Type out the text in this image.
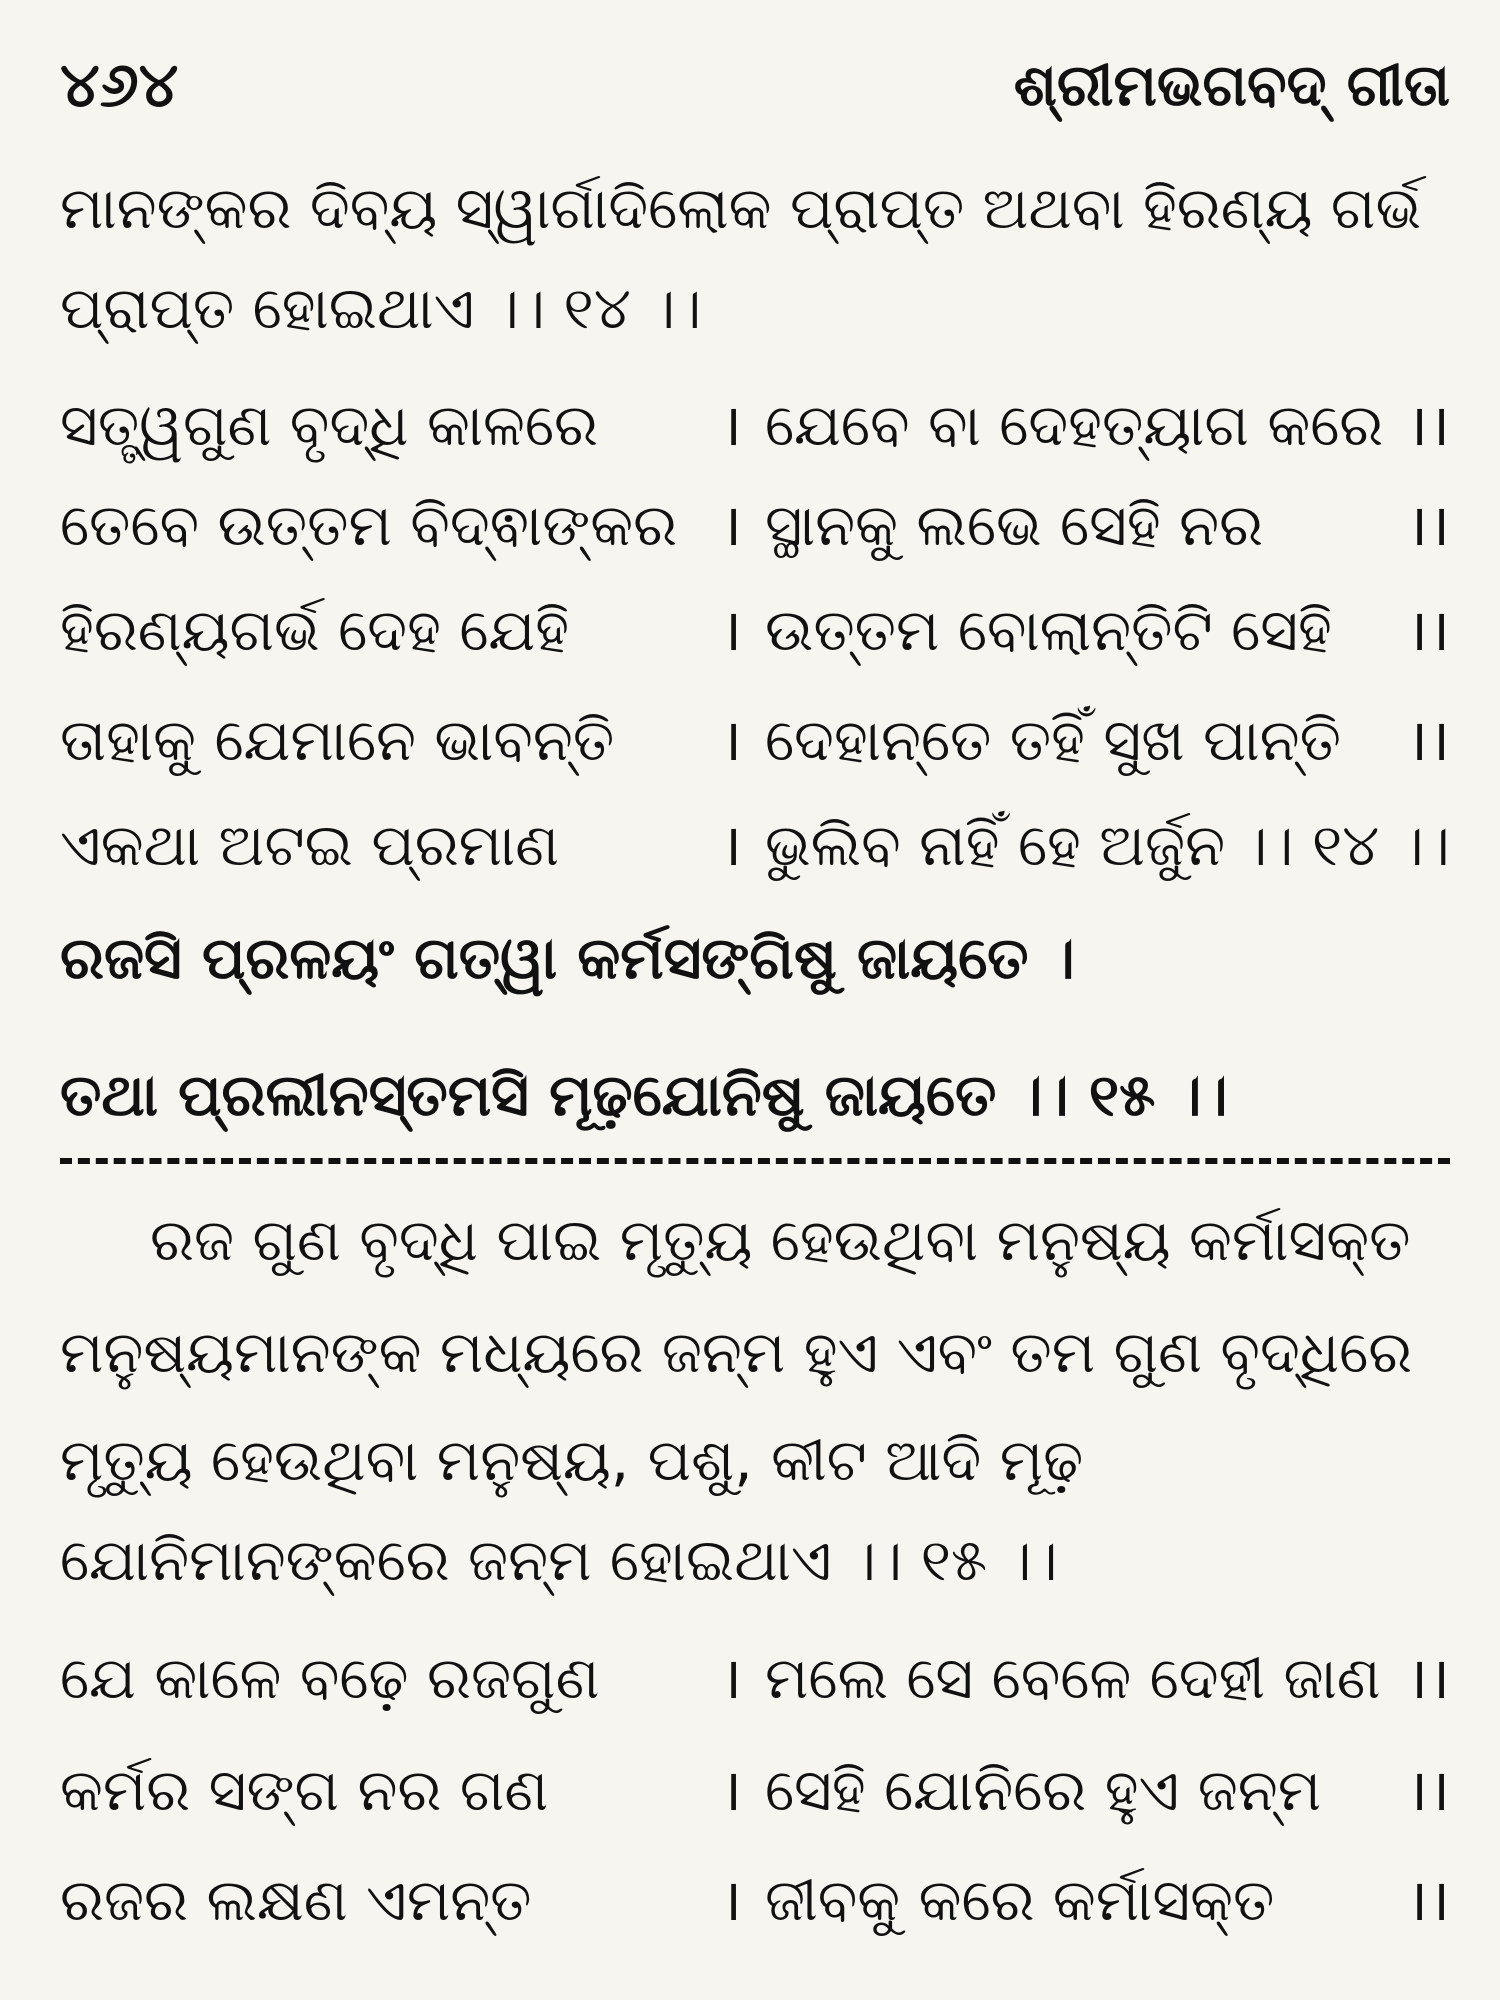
୪୬୪	ଶ୍ରୀମଭଗବଦ୍ ଗୀତା
ମାନଙ୍କର ଦିବ୍ୟ ସ୍ୱାର୍ଗାଦିଲୋକ ପ୍ରାପ୍ତ ଅଥବା ହିରଣ୍ୟ ଗର୍ଭ
ପ୍ରାପ୍ତ ହୋଇଥାଏ ।। ୧୪ ।।
ସତ୍ତ୍ୱଗୁଣ ବୃଦ୍ଧି କାଳରେ । ଯେବେ ବା ଦେହତ୍ୟାଗ କରେ ।।
ତେବେ ଉତ୍ତମ ବିଦ୍ଵାଙ୍କର । ସ୍ଥାନକୁ ଲଭେ ସେହି ନର ।।
ହିରଣ୍ୟଗର୍ଭ ଦେହ ଯେହି	। ଉତ୍ତମ ବୋଲାନ୍ତିଟି ସେହି ।।
ତାହାକୁ ଯେମାନେ ଭାବନ୍ତି । ଦେହାନ୍ତେ ତହିଁ ସୁଖ ପାନ୍ତି ।।
ଏକଥା ଅଟଇ ପ୍ରମାଣ	। ଭୁଲିବ ନାହିଁ ହେ ଅର୍ଜୁନ ।। ୧୪ ।।
ରଜସି ପ୍ରଳୟଂ ଗତ୍ୱା କର୍ମସଙ୍ଗିଷୁ ଜାୟତେ ।
ତଥା ପ୍ରଲୀନସ୍ତମସି ମୂଢ଼ଯୋନିଷୁ ଜାୟତେ ।। ୧୫ ।।
ରଜ ଗୁଣ ବୃଦ୍ଧି ପାଇ ମୃତ୍ୟୁ ହେଉଥିବା ମନୁଷ୍ୟ କର୍ମାସକ୍ତ
ମନୁଷ୍ୟମାନଙ୍କ ମଧ୍ୟରେ ଜନ୍ମ ହୁଏ ଏବଂ ତମ ଗୁଣ ବୃଦ୍ଧିରେ
ମୃତ୍ୟୁ ହେଉଥିବା ମନୁଷ୍ୟ, ପଶୁ, କୀଟ ଆଦି ମୂଢ଼
ଯୋନିମାନଙ୍କରେ ଜନ୍ମ ହୋଇଥାଏ ।। ୧୫ ।।
ଯେ କାଳେ ବଢ଼େ ରଜଗୁଣ । ମଲେ ସେ ବେଳେ ଦେହୀ ଜାଣ ।।
କର୍ମର ସଙ୍ଗ ନର ଗଣ	। ସେହି ଯୋନିରେ ହୁଏ ଜନ୍ମ ।।
ରଜର ଲକ୍ଷଣ ଏମନ୍ତ	। ଜୀବକୁ କରେ କର୍ମାସକ୍ତ ।।
